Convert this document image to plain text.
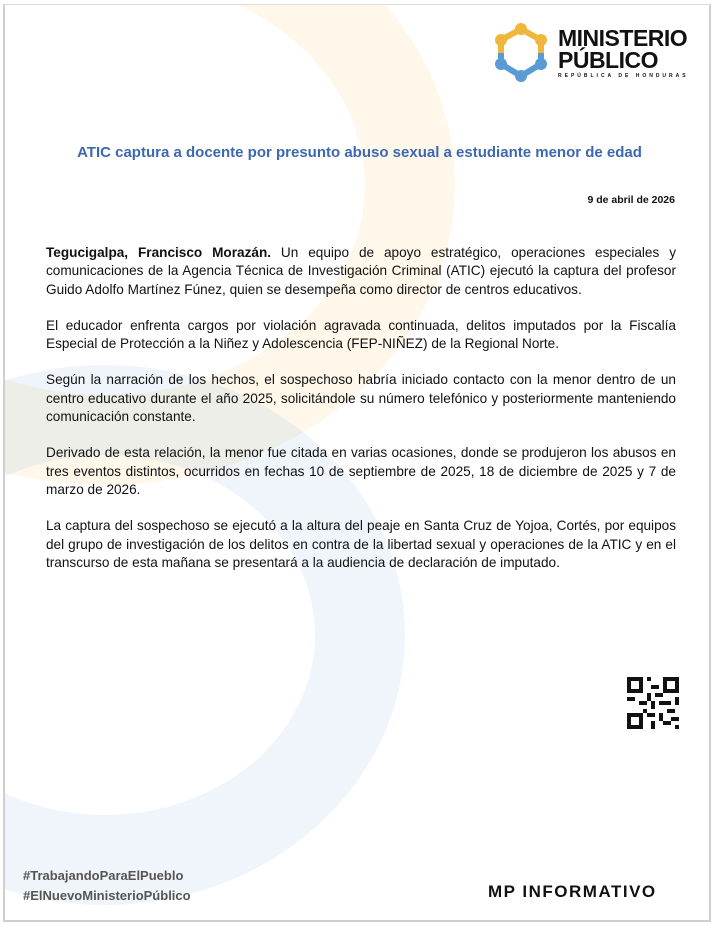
MINISTERIO
PÚBLICO
REPÚBLICA DE HONDURAS
ATIC captura a docente por presunto abuso sexual a estudiante menor de edad
9 de abril de 2026

Tegucigalpa, Francisco Morazán. Un equipo de apoyo estratégico, operaciones especiales y comunicaciones de la Agencia Técnica de Investigación Criminal (ATIC) ejecutó la captura del profesor Guido Adolfo Martínez Fúnez, quien se desempeña como director de centros educativos.

El educador enfrenta cargos por violación agravada continuada, delitos imputados por la Fiscalía Especial de Protección a la Niñez y Adolescencia (FEP-NIÑEZ) de la Regional Norte.

Según la narración de los hechos, el sospechoso habría iniciado contacto con la menor dentro de un centro educativo durante el año 2025, solicitándole su número telefónico y posteriormente manteniendo comunicación constante.

Derivado de esta relación, la menor fue citada en varias ocasiones, donde se produjeron los abusos en tres eventos distintos, ocurridos en fechas 10 de septiembre de 2025, 18 de diciembre de 2025 y 7 de marzo de 2026.

La captura del sospechoso se ejecutó a la altura del peaje en Santa Cruz de Yojoa, Cortés, por equipos del grupo de investigación de los delitos en contra de la libertad sexual y operaciones de la ATIC y en el transcurso de esta mañana se presentará a la audiencia de declaración de imputado.

#TrabajandoParaElPueblo
#ElNuevoMinisterioPúblico	MP INFORMATIVO
